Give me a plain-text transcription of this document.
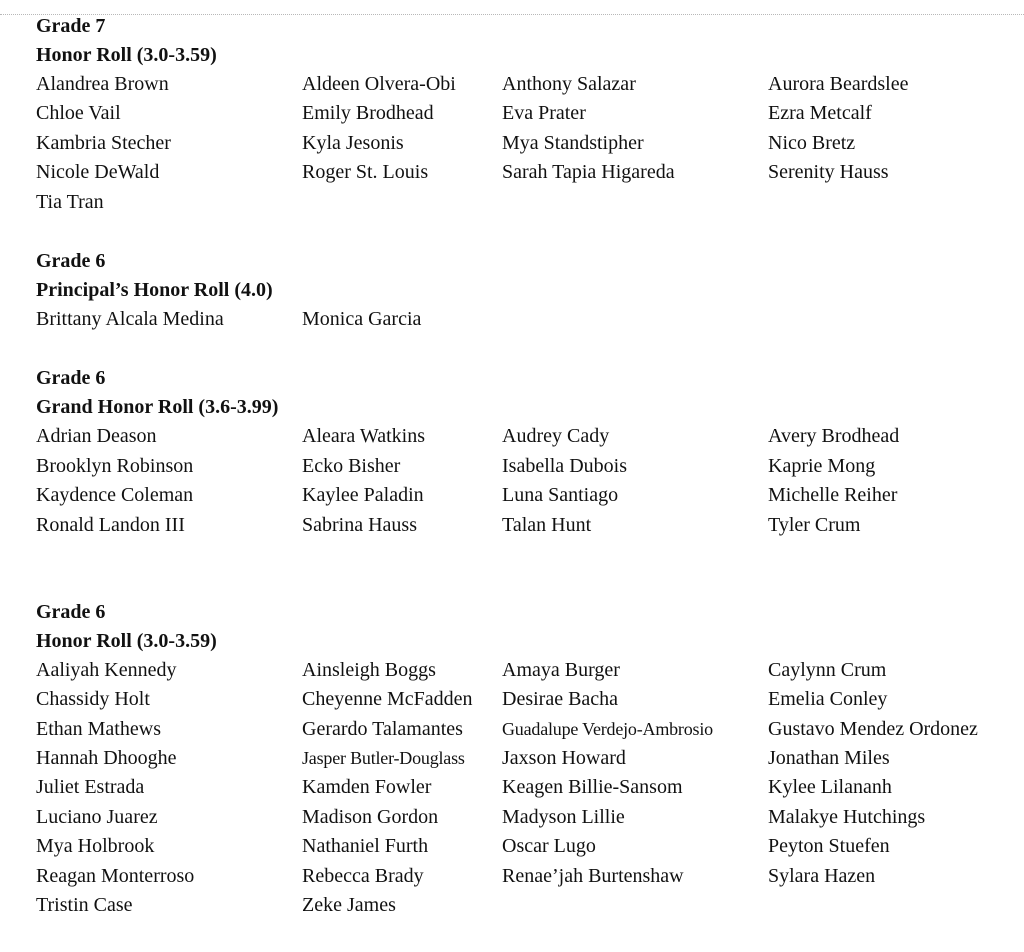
Grade 7
Honor Roll (3.0-3.59)
Alandrea Brown	Aldeen Olvera-Obi	Anthony Salazar	Aurora Beardslee
Chloe Vail	Emily Brodhead	Eva Prater	Ezra Metcalf
Kambria Stecher	Kyla Jesonis	Mya Standstipher	Nico Bretz
Nicole DeWald	Roger St. Louis	Sarah Tapia Higareda	Serenity Hauss
Tia Tran
Grade 6
Principal’s Honor Roll (4.0)
Brittany Alcala Medina	Monica Garcia
Grade 6
Grand Honor Roll (3.6-3.99)
Adrian Deason	Aleara Watkins	Audrey Cady	Avery Brodhead
Brooklyn Robinson	Ecko Bisher	Isabella Dubois	Kaprie Mong
Kaydence Coleman	Kaylee Paladin	Luna Santiago	Michelle Reiher
Ronald Landon III	Sabrina Hauss	Talan Hunt	Tyler Crum
Grade 6
Honor Roll (3.0-3.59)
Aaliyah Kennedy	Ainsleigh Boggs	Amaya Burger	Caylynn Crum
Chassidy Holt	Cheyenne McFadden	Desirae Bacha	Emelia Conley
Ethan Mathews	Gerardo Talamantes	Guadalupe Verdejo-Ambrosio	Gustavo Mendez Ordonez
Hannah Dhooghe	Jasper Butler-Douglass	Jaxson Howard	Jonathan Miles
Juliet Estrada	Kamden Fowler	Keagen Billie-Sansom	Kylee Lilananh
Luciano Juarez	Madison Gordon	Madyson Lillie	Malakye Hutchings
Mya Holbrook	Nathaniel Furth	Oscar Lugo	Peyton Stuefen
Reagan Monterroso	Rebecca Brady	Renae’jah Burtenshaw	Sylara Hazen
Tristin Case	Zeke James
